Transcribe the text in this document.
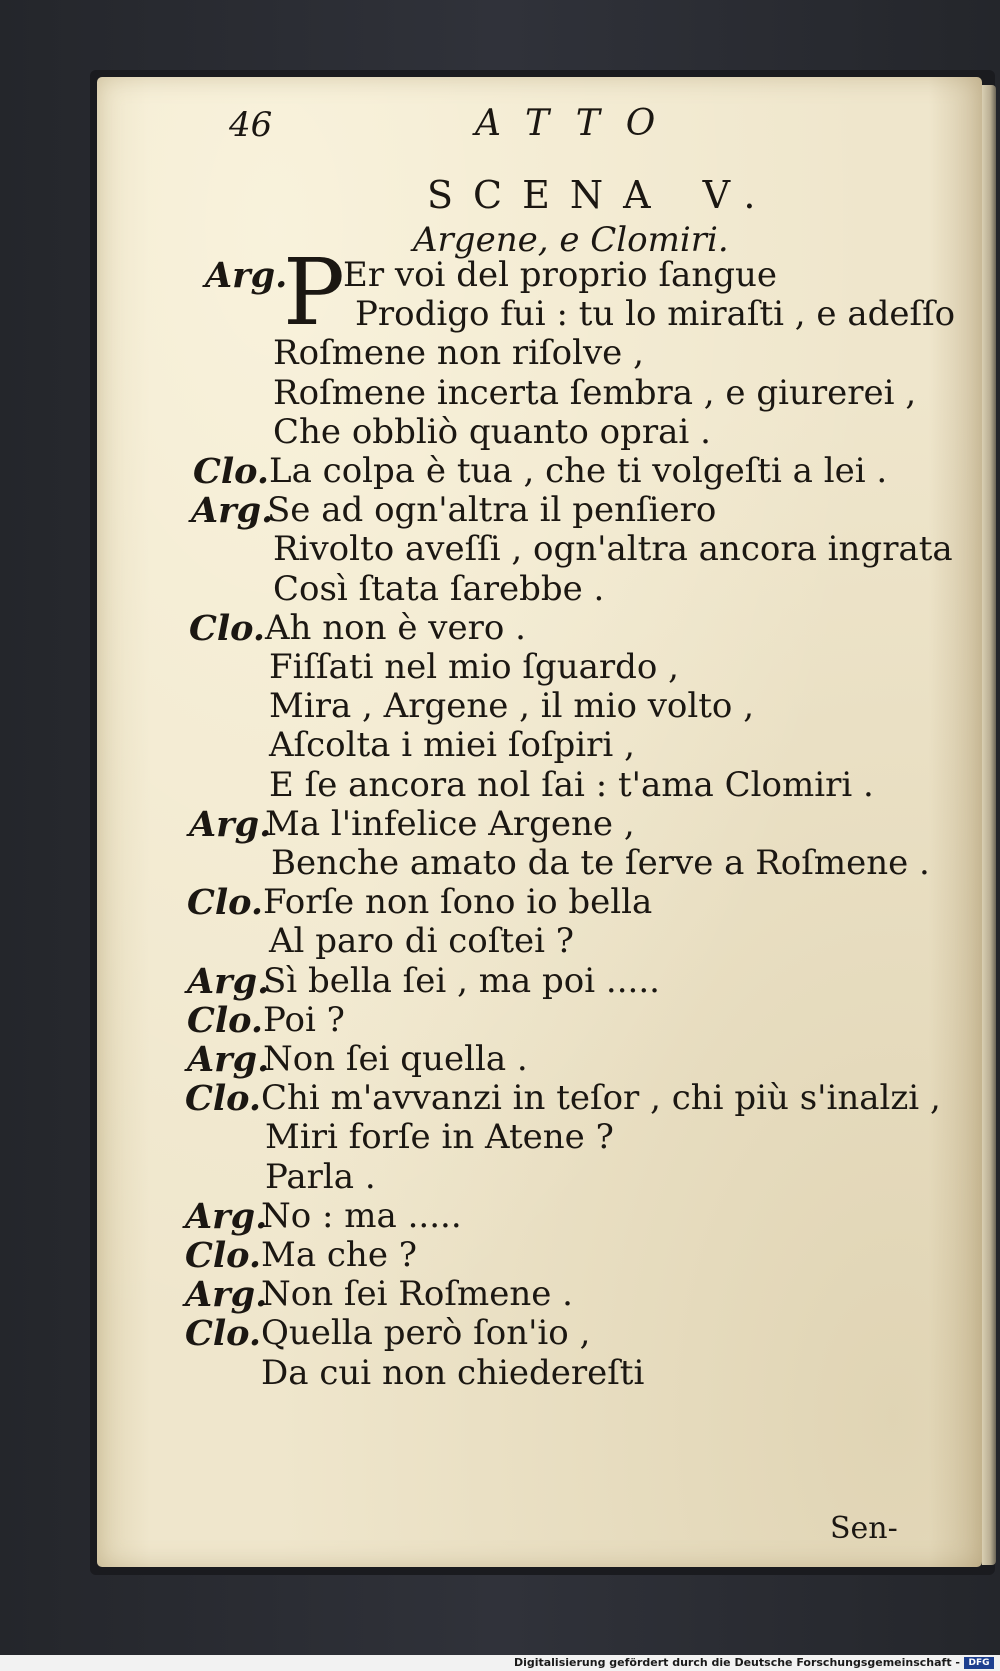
46	ATTO
SCENA V.
Argene, e Clomiri.
Arg.
P
Er voi del proprio ſangue
Prodigo fui : tu lo miraſti , e adeſſo
Roſmene non riſolve ,
Roſmene incerta ſembra , e giurerei ,
Che obbliò quanto oprai .
Clo. La colpa è tua , che ti volgeſti a lei .
Arg.
Se ad ogn'altra il penſiero
Rivolto aveſſi , ogn'altra ancora ingrata
Così ſtata ſarebbe .
Clo. Ah non è vero .
Fiſſati nel mio ſguardo ,
Mira , Argene , il mio volto ,
Aſcolta i miei ſoſpiri ,
E ſe ancora nol ſai : t'ama Clomiri .
Arg.
Ma l'infelice Argene ,
Benche amato da te ſerve a Roſmene .
Clo. Forſe non ſono io bella
Al paro di coſtei ?
Arg.
Sì bella ſei , ma poi .....
Clo. Poi ?
Arg.
Non ſei quella .
Clo. Chi m'avvanzi in teſor , chi più s'inalzi ,
Miri forſe in Atene ?
Parla .
Arg.
No : ma .....
Clo. Ma che ?
Arg.
Non ſei Roſmene .
Clo. Quella però ſon'io ,
Da cui non chiedereſti
Sen-
Digitalisierung gefördert durch die Deutsche Forschungsgemeinschaft - DFG
